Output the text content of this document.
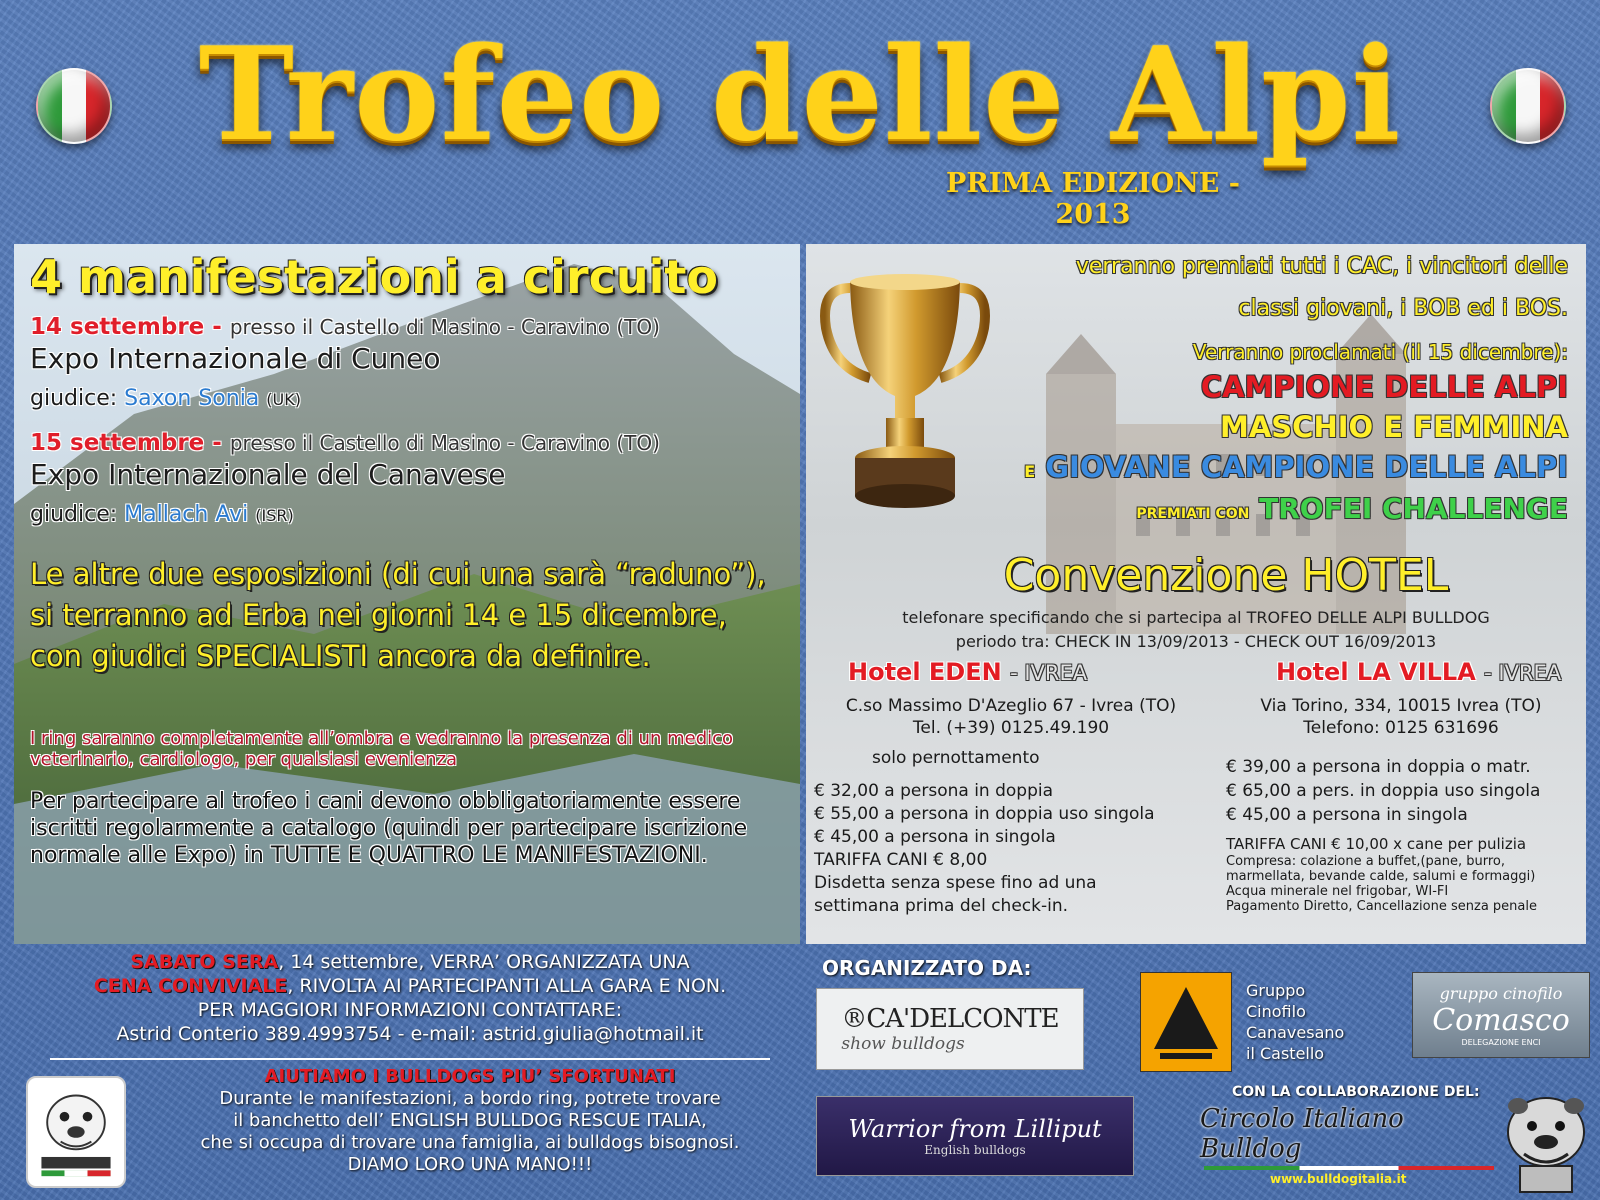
Trofeo delle Alpi
PRIMA EDIZIONE - 2013
4 manifestazioni a circuito
14 settembre - presso il Castello di Masino - Caravino (TO)
Expo Internazionale di Cuneo
giudice: Saxon Sonia (UK)
15 settembre - presso il Castello di Masino - Caravino (TO)
Expo Internazionale del Canavese
giudice: Mallach Avi (ISR)
Le altre due esposizioni (di cui una sarà “raduno”), si terranno ad Erba nei giorni 14 e 15 dicembre, con giudici SPECIALISTI ancora da definire.
I ring saranno completamente all’ombra e vedranno la presenza di un medico veterinario, cardiologo, per qualsiasi evenienza
Per partecipare al trofeo i cani devono obbligatoriamente essere iscritti regolarmente a catalogo (quindi per partecipare iscrizione normale alle Expo) in TUTTE E QUATTRO LE MANIFESTAZIONI.
verranno premiati tutti i CAC, i vincitori delle
classi giovani, i BOB ed i BOS.
Verranno proclamati (il 15 dicembre):
CAMPIONE DELLE ALPI
MASCHIO E FEMMINA
E GIOVANE CAMPIONE DELLE ALPI
PREMIATI CON TROFEI CHALLENGE
Convenzione HOTEL
telefonare specificando che si partecipa al TROFEO DELLE ALPI BULLDOG
periodo tra: CHECK IN 13/09/2013 - CHECK OUT 16/09/2013
Hotel EDEN - IVREA
C.so Massimo D'Azeglio 67 - Ivrea (TO)
Tel. (+39) 0125.49.190
solo pernottamento
€ 32,00 a persona in doppia
€ 55,00 a persona in doppia uso singola
€ 45,00 a persona in singola
TARIFFA CANI € 8,00
Disdetta senza spese fino ad una
settimana prima del check-in.
Hotel LA VILLA - IVREA
Via Torino, 334, 10015 Ivrea (TO)
Telefono: 0125 631696
€ 39,00 a persona in doppia o matr.
€ 65,00 a pers. in doppia uso singola
€ 45,00 a persona in singola
TARIFFA CANI € 10,00 x cane per pulizia
Compresa: colazione a buffet,(pane, burro,
marmellata, bevande calde, salumi e formaggi)
Acqua minerale nel frigobar, WI-FI
Pagamento Diretto, Cancellazione senza penale
SABATO SERA, 14 settembre, VERRA’ ORGANIZZATA UNA
CENA CONVIVIALE, RIVOLTA AI PARTECIPANTI ALLA GARA E NON.
PER MAGGIORI INFORMAZIONI CONTATTARE:
Astrid Conterio 389.4993754 - e-mail: astrid.giulia@hotmail.it
AIUTIAMO I BULLDOGS PIU’ SFORTUNATI
Durante le manifestazioni, a bordo ring, potrete trovare
il banchetto dell’ ENGLISH BULLDOG RESCUE ITALIA,
che si occupa di trovare una famiglia, ai bulldogs bisognosi.
DIAMO LORO UNA MANO!!!
ORGANIZZATO DA:
®CA'DELCONTE
show bulldogs
Warrior from Lilliput
English bulldogs
Gruppo
Cinofilo
Canavesano
il Castello
gruppo cinofilo
Comasco
DELEGAZIONE ENCI
CON LA COLLABORAZIONE DEL:
Circolo Italiano Bulldog
www.bulldogitalia.it
